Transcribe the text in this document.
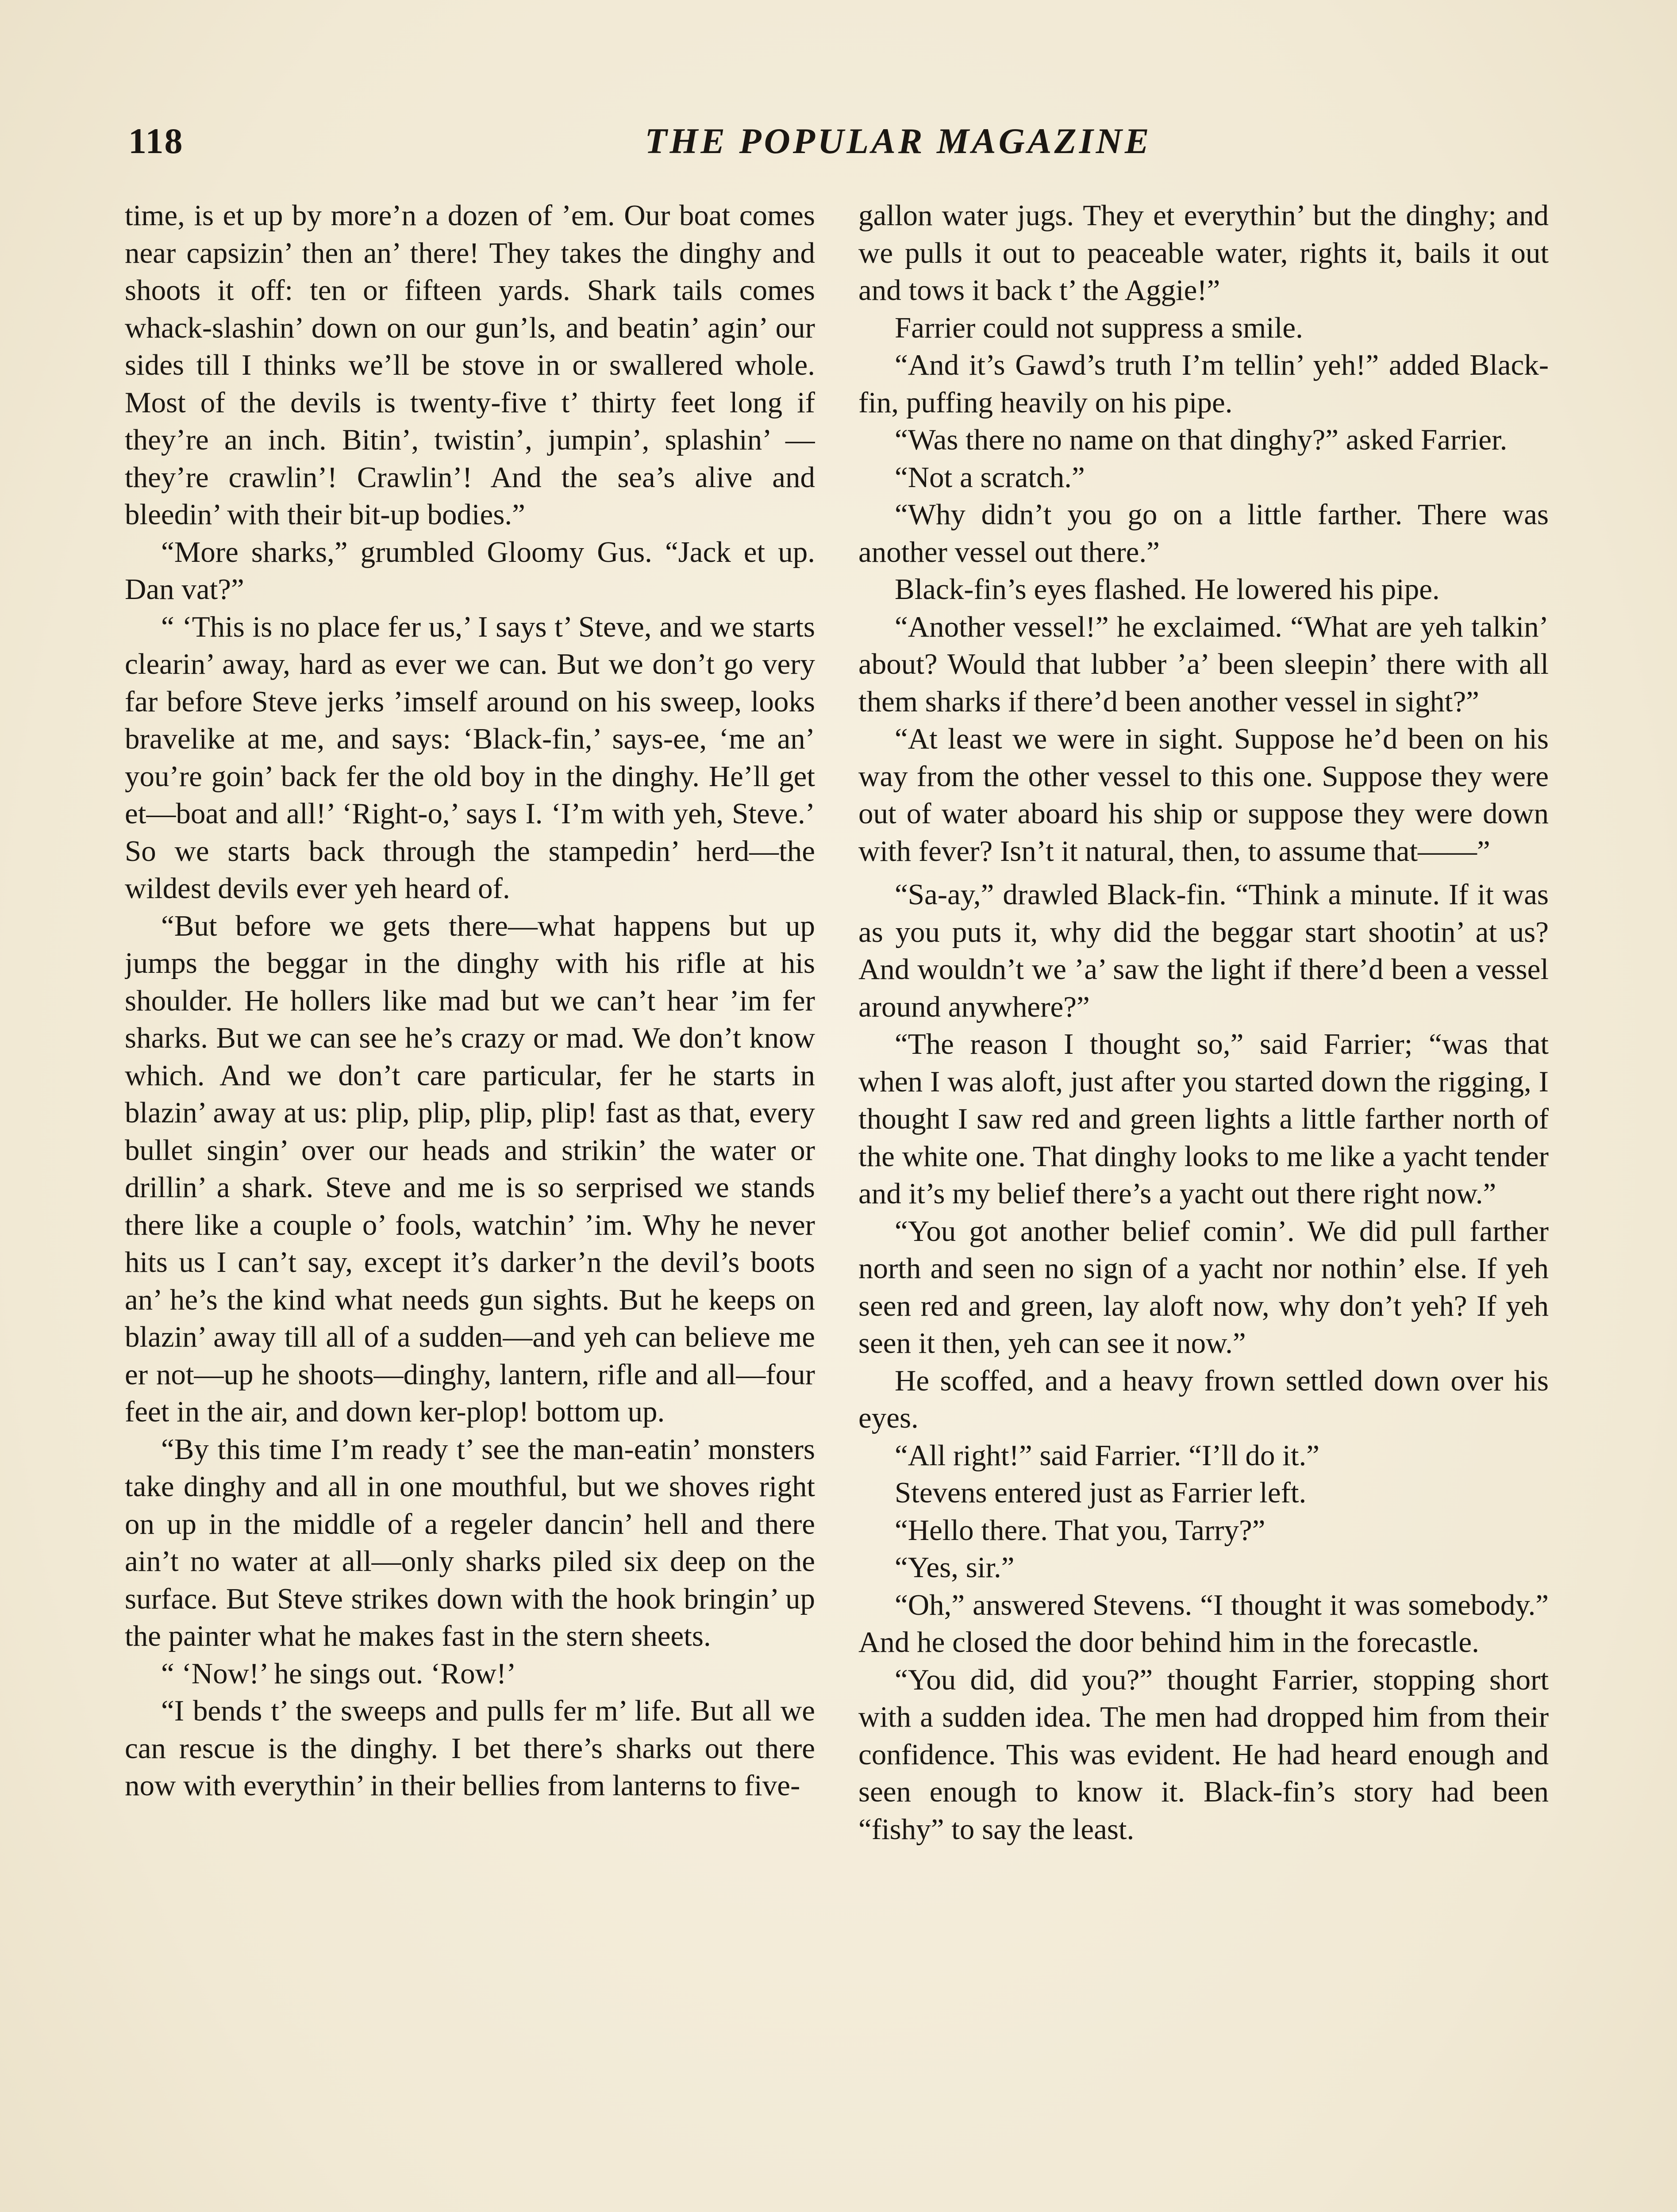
118	THE POPULAR MAGAZINE

time, is et up by more’n a dozen of ’em. Our boat comes near capsizin’ then an’ there! They takes the dinghy and shoots it off: ten or fifteen yards. Shark tails comes whack-slashin’ down on our gun’ls, and beatin’ agin’ our sides till I thinks we’ll be stove in or swallered whole. Most of the devils is twenty-five t’ thirty feet long if they’re an inch. Bitin’, twistin’, jumpin’, splashin’ —they’re crawlin’! Crawlin’! And the sea’s alive and bleedin’ with their bit-up bodies.”

“More sharks,” grumbled Gloomy Gus. “Jack et up. Dan vat?”

“ ‘This is no place fer us,’ I says t’ Steve, and we starts clearin’ away, hard as ever we can. But we don’t go very far before Steve jerks ’imself around on his sweep, looks bravelike at me, and says: ‘Black-fin,’ says-ee, ‘me an’ you’re goin’ back fer the old boy in the dinghy. He’ll get et—boat and all!’ ‘Right-o,’ says I. ‘I’m with yeh, Steve.’ So we starts back through the stampedin’ herd—the wildest devils ever yeh heard of.

“But before we gets there—what happens but up jumps the beggar in the dinghy with his rifle at his shoulder. He hollers like mad but we can’t hear ’im fer sharks. But we can see he’s crazy or mad. We don’t know which. And we don’t care particular, fer he starts in blazin’ away at us: plip, plip, plip, plip! fast as that, every bullet singin’ over our heads and strikin’ the water or drillin’ a shark. Steve and me is so serprised we stands there like a couple o’ fools, watchin’ ’im. Why he never hits us I can’t say, except it’s darker’n the devil’s boots an’ he’s the kind what needs gun sights. But he keeps on blazin’ away till all of a sudden—and yeh can believe me er not—up he shoots—dinghy, lantern, rifle and all—four feet in the air, and down ker-plop! bottom up.

“By this time I’m ready t’ see the man-eatin’ monsters take dinghy and all in one mouthful, but we shoves right on up in the middle of a regeler dancin’ hell and there ain’t no water at all—only sharks piled six deep on the surface. But Steve strikes down with the hook bringin’ up the painter what he makes fast in the stern sheets.

“ ‘Now!’ he sings out. ‘Row!’

“I bends t’ the sweeps and pulls fer m’ life. But all we can rescue is the dinghy. I bet there’s sharks out there now with everythin’ in their bellies from lanterns to five-

gallon water jugs. They et everythin’ but the dinghy; and we pulls it out to peaceable water, rights it, bails it out and tows it back t’ the Aggie!”

Farrier could not suppress a smile.

“And it’s Gawd’s truth I’m tellin’ yeh!” added Black-fin, puffing heavily on his pipe.

“Was there no name on that dinghy?” asked Farrier.

“Not a scratch.”

“Why didn’t you go on a little farther. There was another vessel out there.”

Black-fin’s eyes flashed. He lowered his pipe.

“Another vessel!” he exclaimed. “What are yeh talkin’ about? Would that lubber ’a’ been sleepin’ there with all them sharks if there’d been another vessel in sight?”

“At least we were in sight. Suppose he’d been on his way from the other vessel to this one. Suppose they were out of water aboard his ship or suppose they were down with fever? Isn’t it natural, then, to assume that——”

“Sa-ay,” drawled Black-fin. “Think a minute. If it was as you puts it, why did the beggar start shootin’ at us? And wouldn’t we ’a’ saw the light if there’d been a vessel around anywhere?”

“The reason I thought so,” said Farrier; “was that when I was aloft, just after you started down the rigging, I thought I saw red and green lights a little farther north of the white one. That dinghy looks to me like a yacht tender and it’s my belief there’s a yacht out there right now.”

“You got another belief comin’. We did pull farther north and seen no sign of a yacht nor nothin’ else. If yeh seen red and green, lay aloft now, why don’t yeh? If yeh seen it then, yeh can see it now.”

He scoffed, and a heavy frown settled down over his eyes.

“All right!” said Farrier. “I’ll do it.”

Stevens entered just as Farrier left.

“Hello there. That you, Tarry?”

“Yes, sir.”

“Oh,” answered Stevens. “I thought it was somebody.” And he closed the door behind him in the forecastle.

“You did, did you?” thought Farrier, stopping short with a sudden idea. The men had dropped him from their confidence. This was evident. He had heard enough and seen enough to know it. Black-fin’s story had been “fishy” to say the least.
